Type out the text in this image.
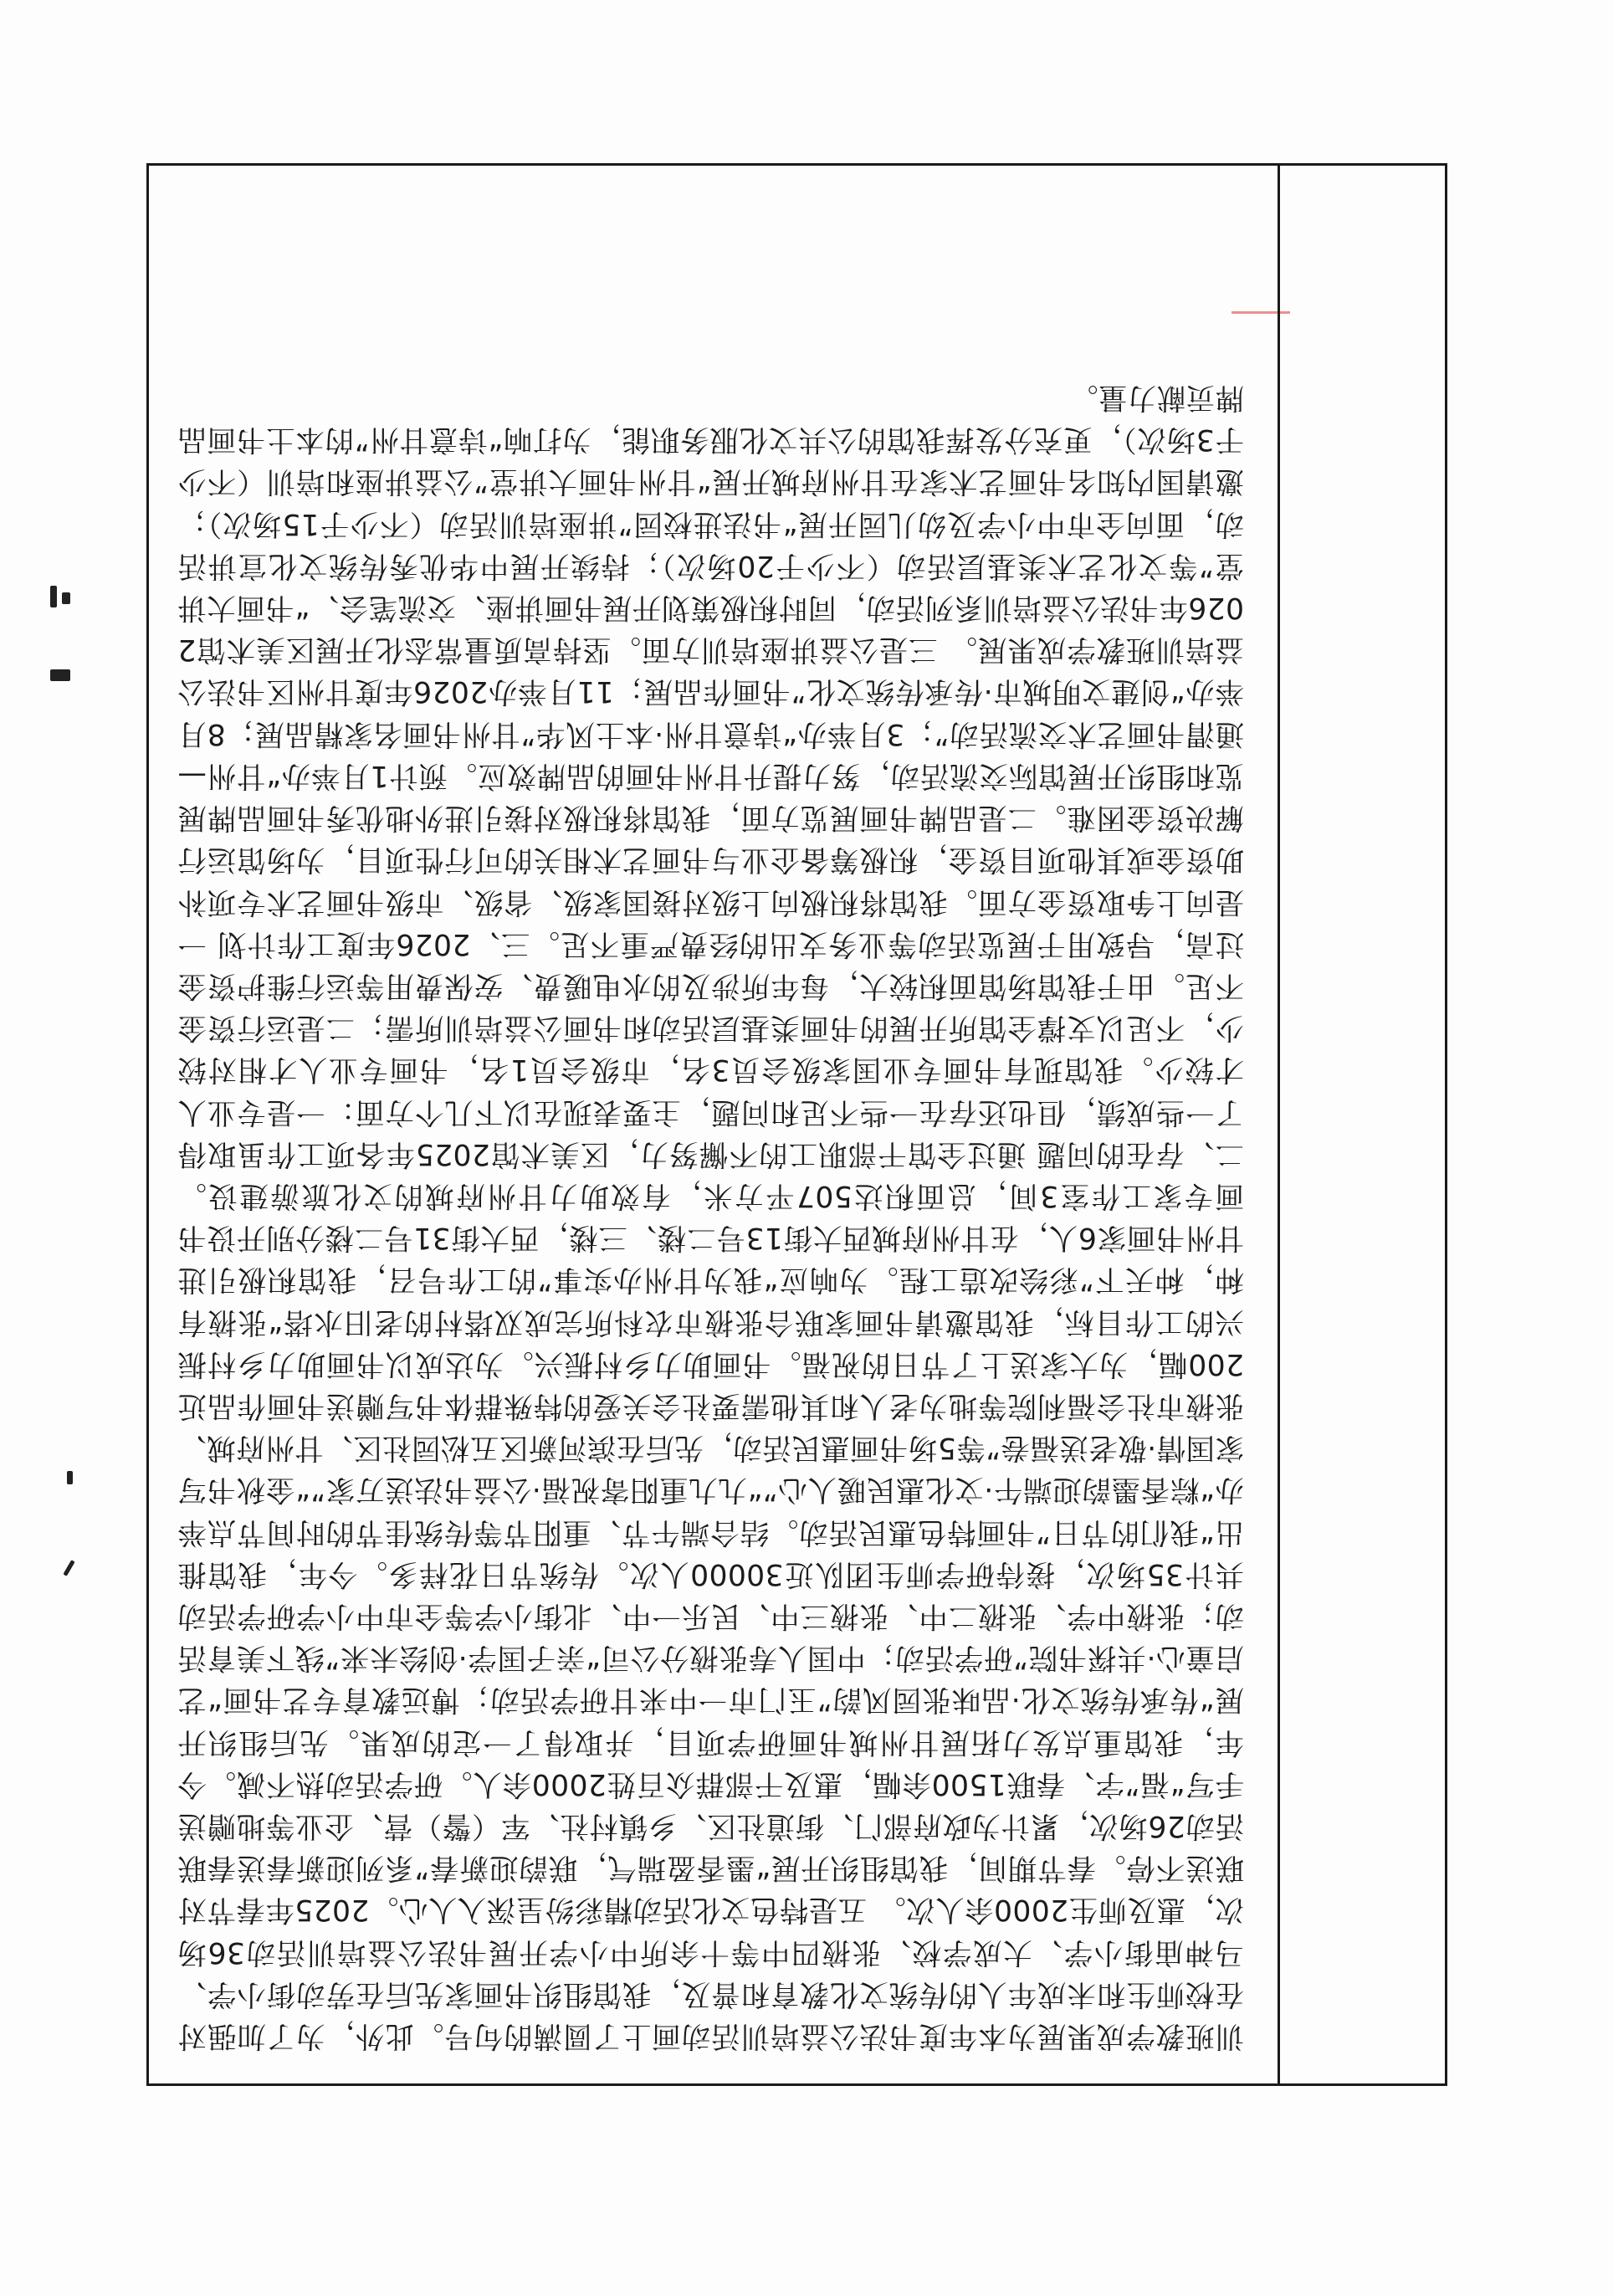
训班教学成果展为本年度书法公益培训活动画上了圆满的句号。此外，为了加强对在校师生和未成年人的传统文化教育和普及，我馆组织书画家先后在劳动街小学、马神庙街小学、大成学校、张掖四中等十余所中小学开展书法公益培训活动36场次，惠及师生2000余人次。 五是特色文化活动精彩纷呈深入人心。2025年春节对联送不停。春节期间，我馆组织开展“墨香盈瑞气，联韵迎新春”系列迎新春送春联活动26场次，累计为政府部门、街道社区、乡镇村社、军（警）营、企业等地赠送手写“福”字、春联1500余幅，惠及干部群众百姓2000余人。研学活动热不减。今年，我馆重点发力拓展甘州城书画研学项目，并取得了一定的成果。先后组织开展“传承传统文化·品味张园风韵”玉门市一中来甘研学活动；博远教育专艺书画“艺启童心·共探书院”研学活动；中国人寿张掖分公司“亲子国学·创绘未来”线下美育活动；张掖中学、张掖二中、张掖三中、民乐一中、北街小学等全市中小学研学活动共计35场次，接待研学师生团队近30000人次。传统节日花样多。今年，我馆推出“我们的节日”书画特色惠民活动。结合端午节、重阳节等传统佳节的时间节点举办“粽香墨韵迎端午·文化惠民暖人心”“九九重阳寄祝福·公益书法送万家”“金秋书写家国情·敬老送福卷”等5场书画惠民活动，先后在滨河新区五松园社区、甘州府城、张掖市社会福利院等地为老人和其他需要社会关爱的特殊群体书写赠送书画作品近200幅，为大家送上了节日的祝福。书画助力乡村振兴。为达成以书画助力乡村振兴的工作目标，我馆邀请书画家联合张掖市农科所完成双塔村的老旧水塔“张掖有种，种天下”彩绘改造工程。为响应“我为甘州办实事”的工作号召，我馆积极引进甘州书画家6人，在甘州府城西大街13号二楼、三楼，西大街31号二楼分别开设书画专家工作室3间，总面积达507平方米，有效助力甘州府城的文化旅游建设。二、存在的问题 通过全馆干部职工的不懈努力，区美术馆2025年各项工作虽取得了一些成绩，但也还存在一些不足和问题，主要表现在以下几个方面：一是专业人才较少。我馆现有书画专业国家级会员3名，市级会员1名，书画专业人才相对较少，不足以支撑全馆所开展的书画类基层活动和书画公益培训所需；二是运行资金不足。由于我馆场馆面积较大，每年所涉及的水电暖费、安保费用等运行维护资金过高，导致用于展览活动等业务支出的经费严重不足。三、2026年度工作计划 一是向上争取资金方面。我馆将积极向上级对接国家级、省级、市级书画艺术专项补助资金或其他项目资金，积极筹备企业与书画艺术相关的可行性项目，为场馆运行解决资金困难。二是品牌书画展览方面，我馆将积极对接引进外地优秀书画品牌展览和组织开展馆际交流活动，努力提升甘州书画的品牌效应。预计1月举办“甘州—通渭书画艺术交流活动”；3月举办“诗意甘州·本土风华”甘州书画名家精品展；8月举办“创建文明城市·传承传统文化”书画作品展；11月举办2026年度甘州区书法公益培训班教学成果展。 三是公益讲座培训方面。坚持高质量常态化开展区美术馆2026年书法公益培训系列活动，同时积极策划开展书画讲座、交流笔会、“书画大讲堂”等文化艺术类基层活动（不少于20场次）；持续开展中华优秀传统文化宣讲活动，面向全市中小学及幼儿园开展“书法进校园”讲座培训活动（不少于15场次）；邀请国内知名书画艺术家在甘州府城开展“甘州书画大讲堂”公益讲座和培训（不少于3场次），更充分发挥我馆的公共文化服务职能，为打响“诗意甘州”的本土书画品牌贡献力量。
